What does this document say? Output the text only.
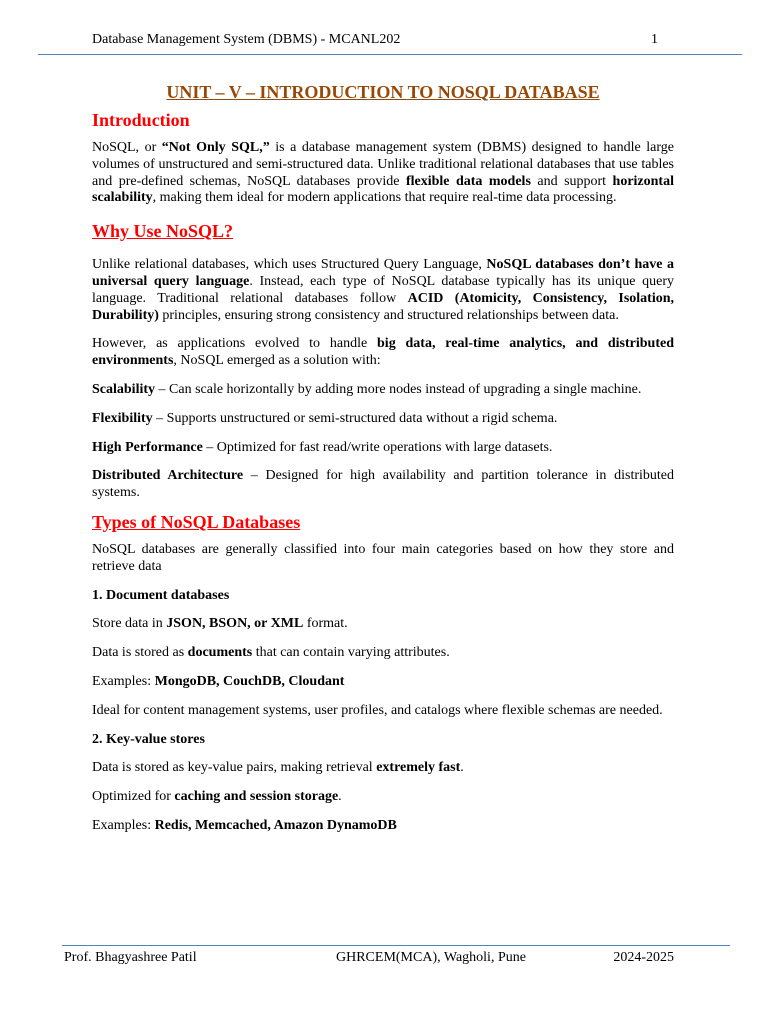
Database Management System (DBMS) - MCANL202	1
UNIT – V – INTRODUCTION TO NOSQL DATABASE
Introduction

NoSQL, or “Not Only SQL,” is a database management system (DBMS) designed to handle large volumes of unstructured and semi-structured data. Unlike traditional relational databases that use tables and pre-defined schemas, NoSQL databases provide flexible data models and support horizontal scalability, making them ideal for modern applications that require real-time data processing.

Why Use NoSQL?

Unlike relational databases, which uses Structured Query Language, NoSQL databases don’t have a universal query language. Instead, each type of NoSQL database typically has its unique query language. Traditional relational databases follow ACID (Atomicity, Consistency, Isolation, Durability) principles, ensuring strong consistency and structured relationships between data.

However, as applications evolved to handle big data, real-time analytics, and distributed environments, NoSQL emerged as a solution with:

Scalability – Can scale horizontally by adding more nodes instead of upgrading a single machine.

Flexibility – Supports unstructured or semi-structured data without a rigid schema.

High Performance – Optimized for fast read/write operations with large datasets.

Distributed Architecture – Designed for high availability and partition tolerance in distributed systems.

Types of NoSQL Databases

NoSQL databases are generally classified into four main categories based on how they store and retrieve data

1. Document databases

Store data in JSON, BSON, or XML format.

Data is stored as documents that can contain varying attributes.

Examples: MongoDB, CouchDB, Cloudant

Ideal for content management systems, user profiles, and catalogs where flexible schemas are needed.

2. Key-value stores

Data is stored as key-value pairs, making retrieval extremely fast.

Optimized for caching and session storage.

Examples: Redis, Memcached, Amazon DynamoDB

Prof. Bhagyashree Patil	GHRCEM(MCA), Wagholi, Pune	2024-2025
